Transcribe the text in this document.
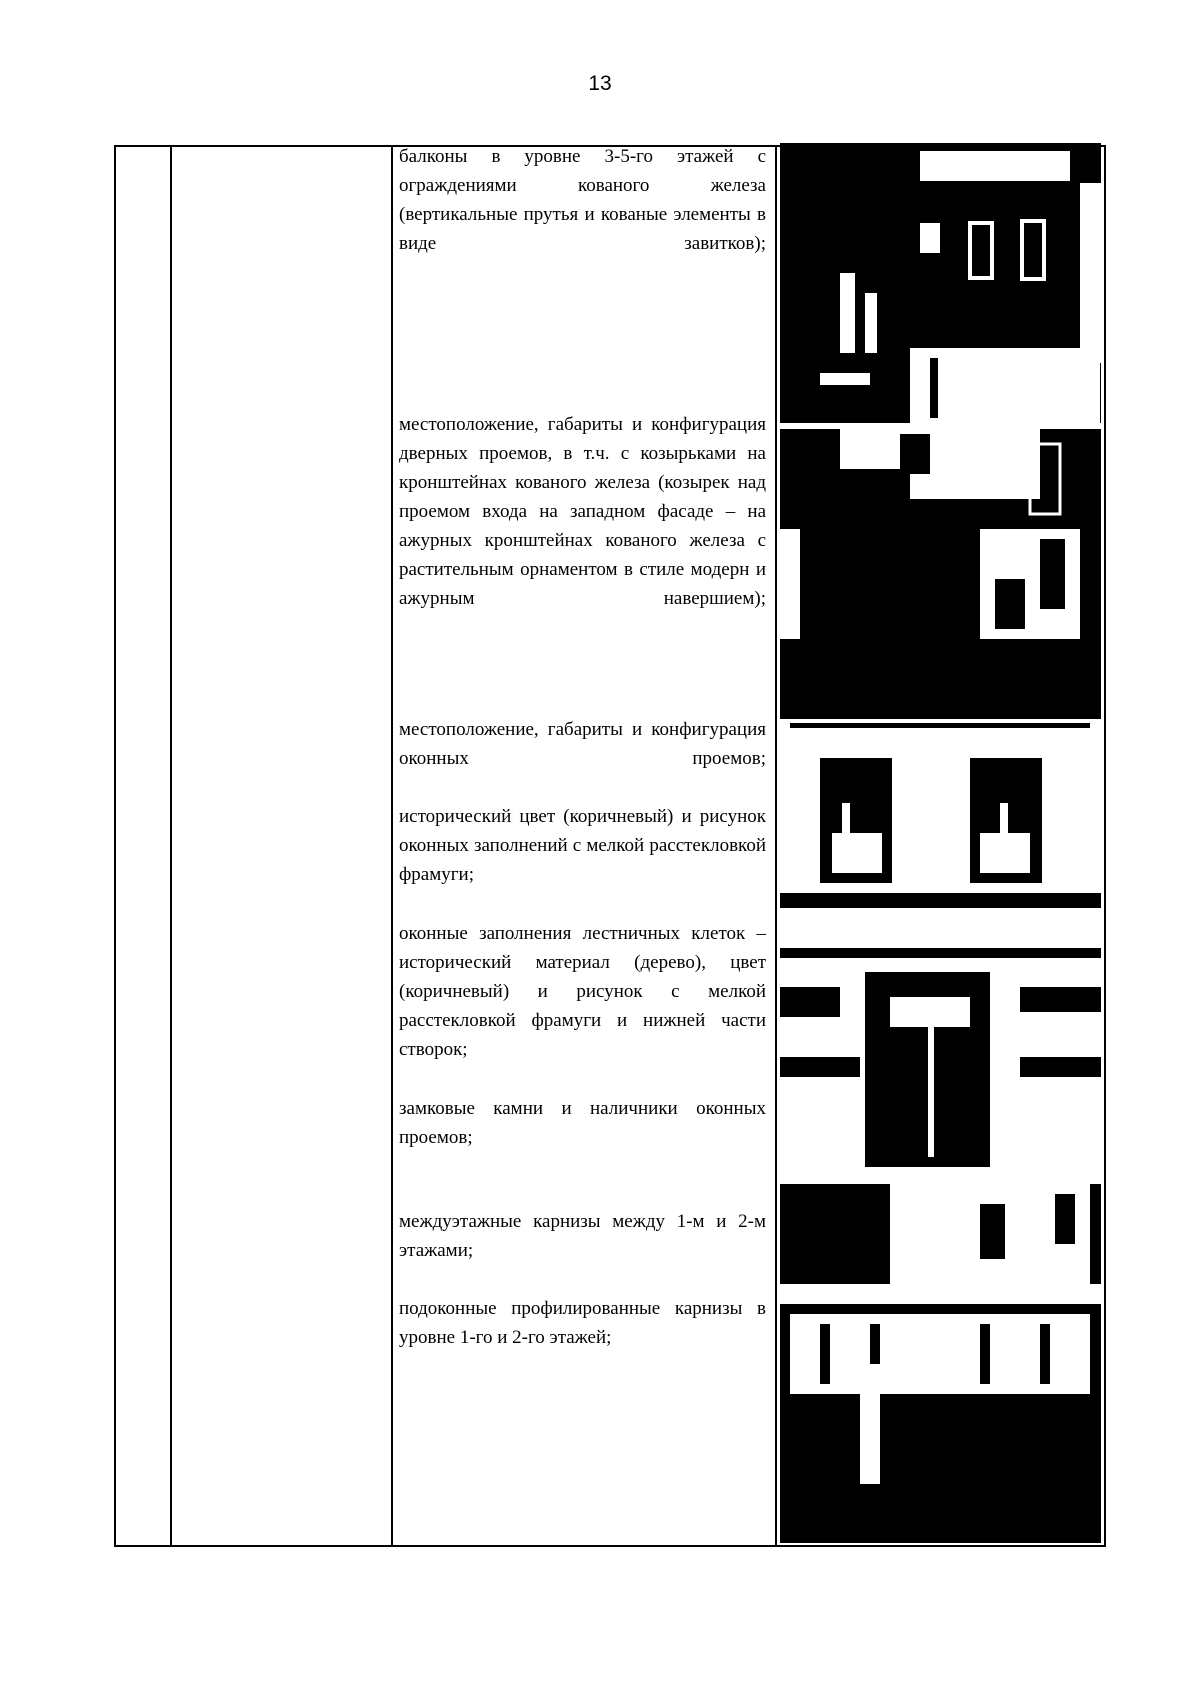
13
балконы в уровне 3-5-го этажей с ограждениями кованого железа (вертикальные прутья и кованые элементы в виде завитков);
местоположение, габариты и конфигурация дверных проемов, в т.ч. с козырьками на кронштейнах кованого железа (козырек над проемом входа на западном фасаде – на ажурных кронштейнах кованого железа с растительным орнаментом в стиле модерн и ажурным навершием);
местоположение, габариты и конфигурация оконных проемов;
исторический цвет (коричневый) и рисунок оконных заполнений с мелкой расстекловкой фрамуги;
оконные заполнения лестничных клеток – исторический материал (дерево), цвет (коричневый) и рисунок с мелкой расстекловкой фрамуги и нижней части створок;
замковые камни и наличники оконных проемов;
междуэтажные карнизы между 1-м и 2-м этажами;
подоконные профилированные карнизы в уровне 1-го и 2-го этажей;
